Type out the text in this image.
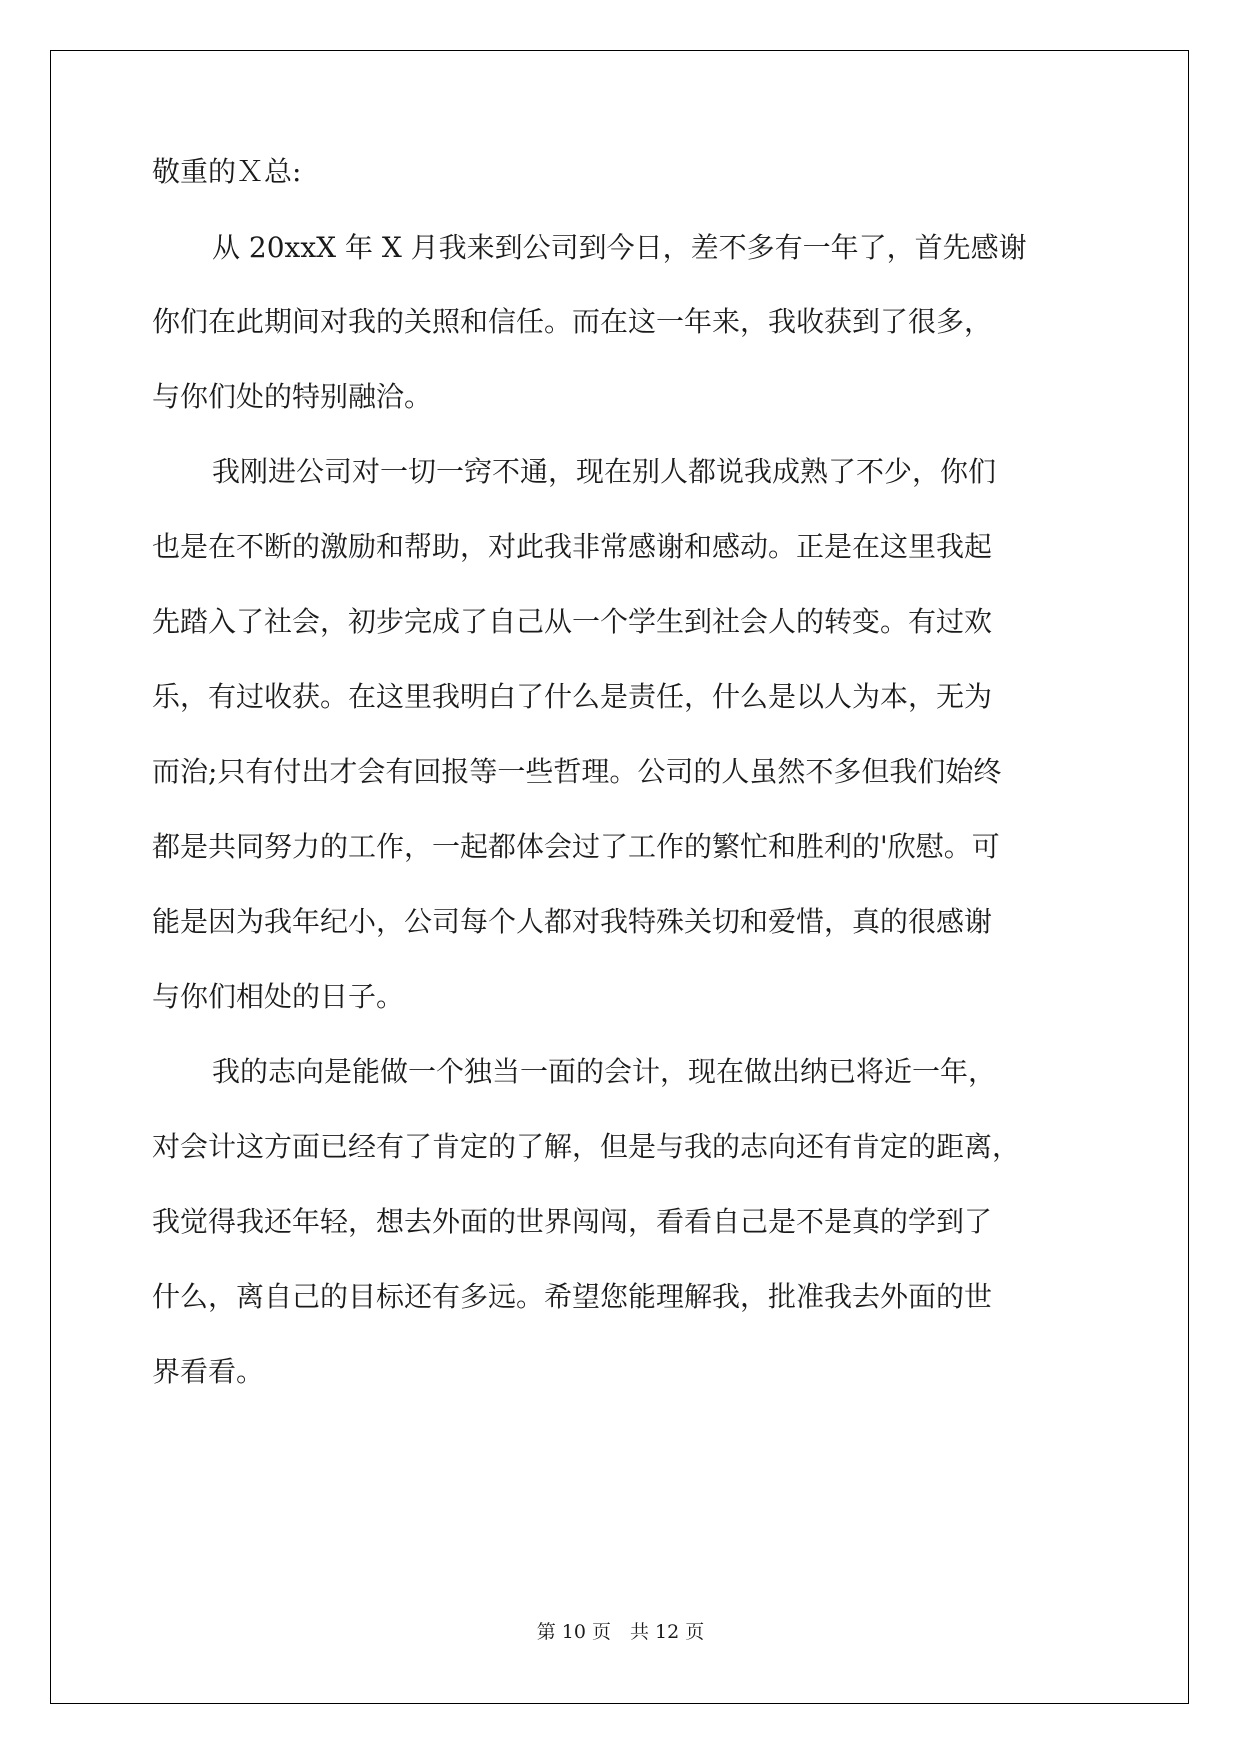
敬重的Ｘ总:

从 20xxX 年 X 月我来到公司到今日，差不多有一年了，首先感谢

你们在此期间对我的关照和信任。而在这一年来，我收获到了很多，

与你们处的特别融洽。

我刚进公司对一切一窍不通，现在别人都说我成熟了不少，你们

也是在不断的激励和帮助，对此我非常感谢和感动。正是在这里我起

先踏入了社会，初步完成了自己从一个学生到社会人的转变。有过欢

乐，有过收获。在这里我明白了什么是责任，什么是以人为本，无为

而治;只有付出才会有回报等一些哲理。公司的人虽然不多但我们始终

都是共同努力的工作，一起都体会过了工作的繁忙和胜利的'欣慰。可

能是因为我年纪小，公司每个人都对我特殊关切和爱惜，真的很感谢

与你们相处的日子。

我的志向是能做一个独当一面的会计，现在做出纳已将近一年，

对会计这方面已经有了肯定的了解，但是与我的志向还有肯定的距离，

我觉得我还年轻，想去外面的世界闯闯，看看自己是不是真的学到了

什么，离自己的目标还有多远。希望您能理解我，批准我去外面的世

界看看。

第 10 页　共 12 页
